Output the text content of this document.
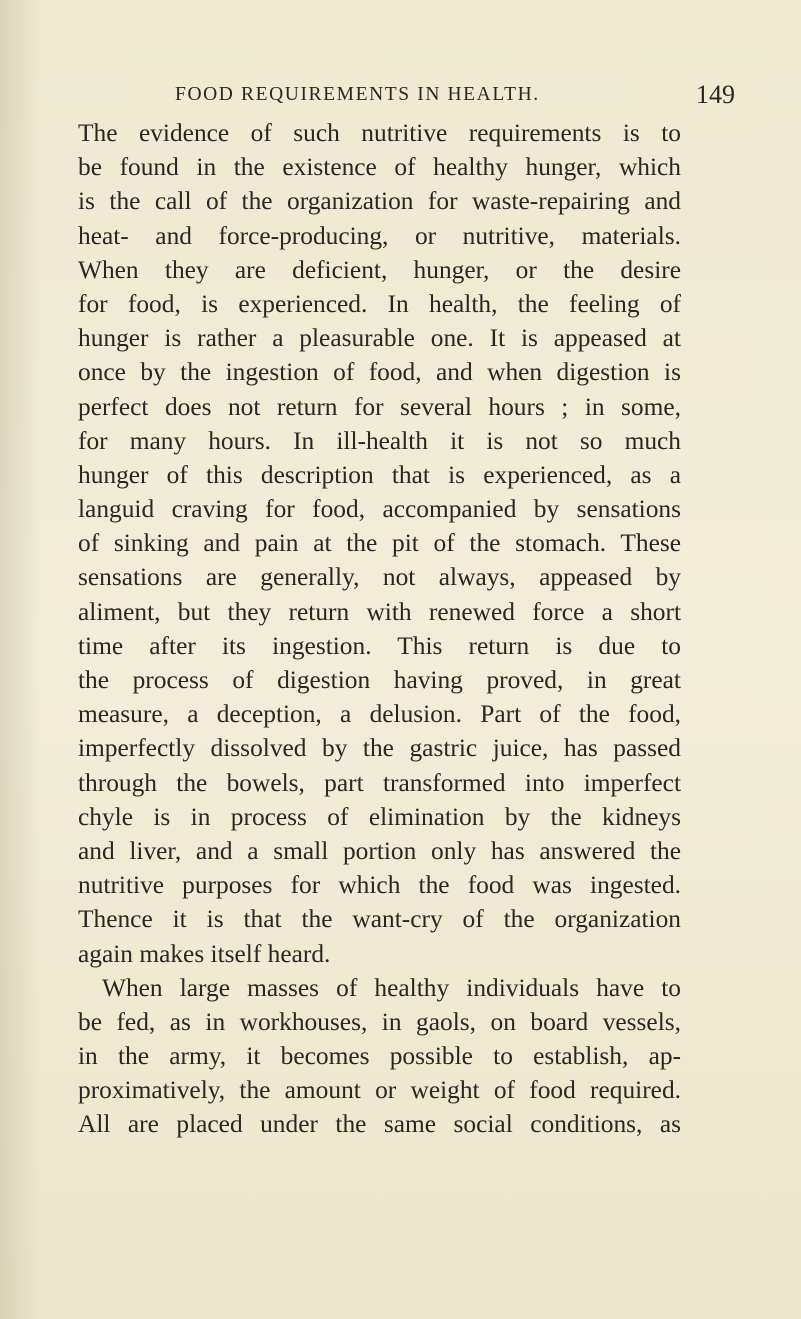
FOOD REQUIREMENTS IN HEALTH.	149
The evidence of such nutritive requirements is to
be found in the existence of healthy hunger, which
is the call of the organization for waste-repairing and
heat- and force-producing, or nutritive, materials.
When they are deficient, hunger, or the desire
for food, is experienced. In health, the feeling of
hunger is rather a pleasurable one. It is appeased at
once by the ingestion of food, and when digestion is
perfect does not return for several hours ; in some,
for many hours. In ill-health it is not so much
hunger of this description that is experienced, as a
languid craving for food, accompanied by sensations
of sinking and pain at the pit of the stomach. These
sensations are generally, not always, appeased by
aliment, but they return with renewed force a short
time after its ingestion. This return is due to
the process of digestion having proved, in great
measure, a deception, a delusion. Part of the food,
imperfectly dissolved by the gastric juice, has passed
through the bowels, part transformed into imperfect
chyle is in process of elimination by the kidneys
and liver, and a small portion only has answered the
nutritive purposes for which the food was ingested.
Thence it is that the want-cry of the organization
again makes itself heard.
When large masses of healthy individuals have to
be fed, as in workhouses, in gaols, on board vessels,
in the army, it becomes possible to establish, ap-
proximatively, the amount or weight of food required.
All are placed under the same social conditions, as
